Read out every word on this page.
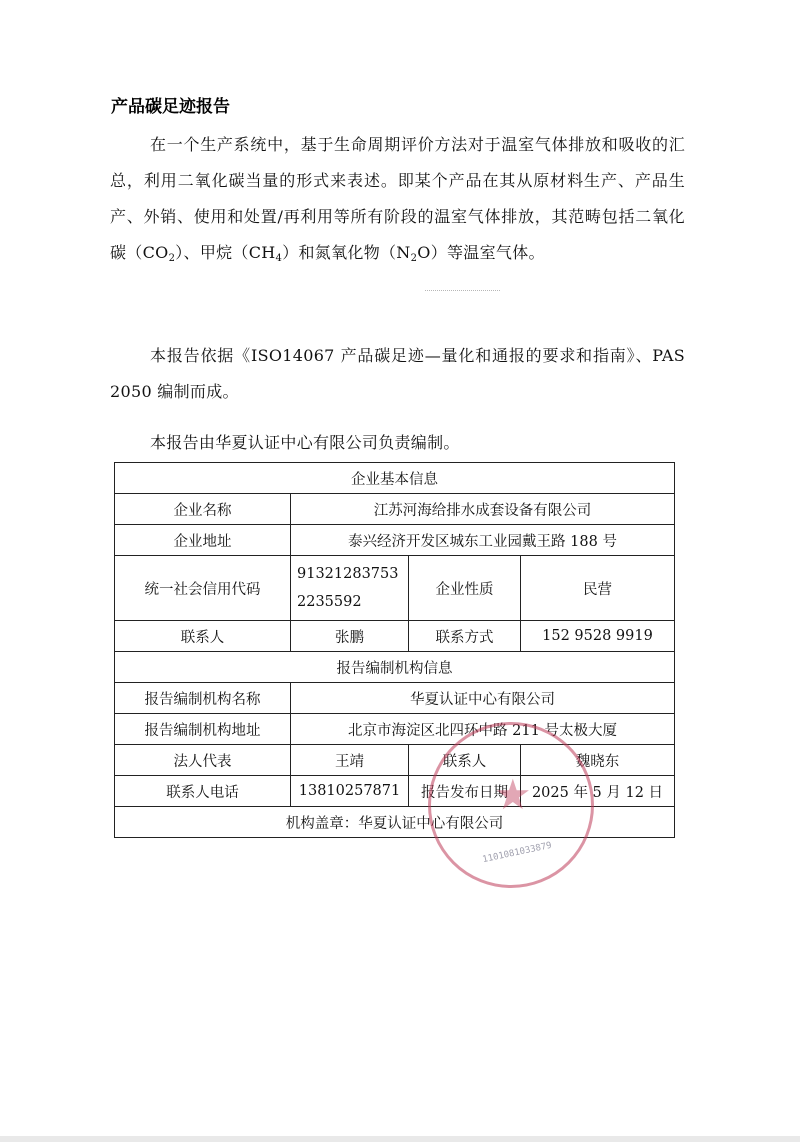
产品碳足迹报告

在一个生产系统中，基于生命周期评价方法对于温室气体排放和吸收的汇总，利用二氧化碳当量的形式来表述。即某个产品在其从原材料生产、产品生产、外销、使用和处置/再利用等所有阶段的温室气体排放，其范畴包括二氧化碳$(CO_2)$、甲烷$(CH_4)$和氮氧化物$(N_2O)$等温室气体。

本报告依据《ISO14067 产品碳足迹—量化和通报的要求和指南》、PAS 2050 编制而成。

本报告由华夏认证中心有限公司负责编制。

企业基本信息			
企业名称	江苏河海给排水成套设备有限公司		
企业地址	泰兴经济开发区城东工业园戴王路 188 号		
统一社会信用代码	913212837532235592	企业性质	民营
联系人	张鹏	联系方式	152 9528 9919
报告编制机构信息			
报告编制机构名称	华夏认证中心有限公司		
报告编制机构地址	北京市海淀区北四环中路 211 号太极大厦		
法人代表	王靖	联系人	魏晓东
联系人电话	13810257871	报告发布日期	2025 年 5 月 12 日
机构盖章：华夏认证中心有限公司			
★
1101081033879
